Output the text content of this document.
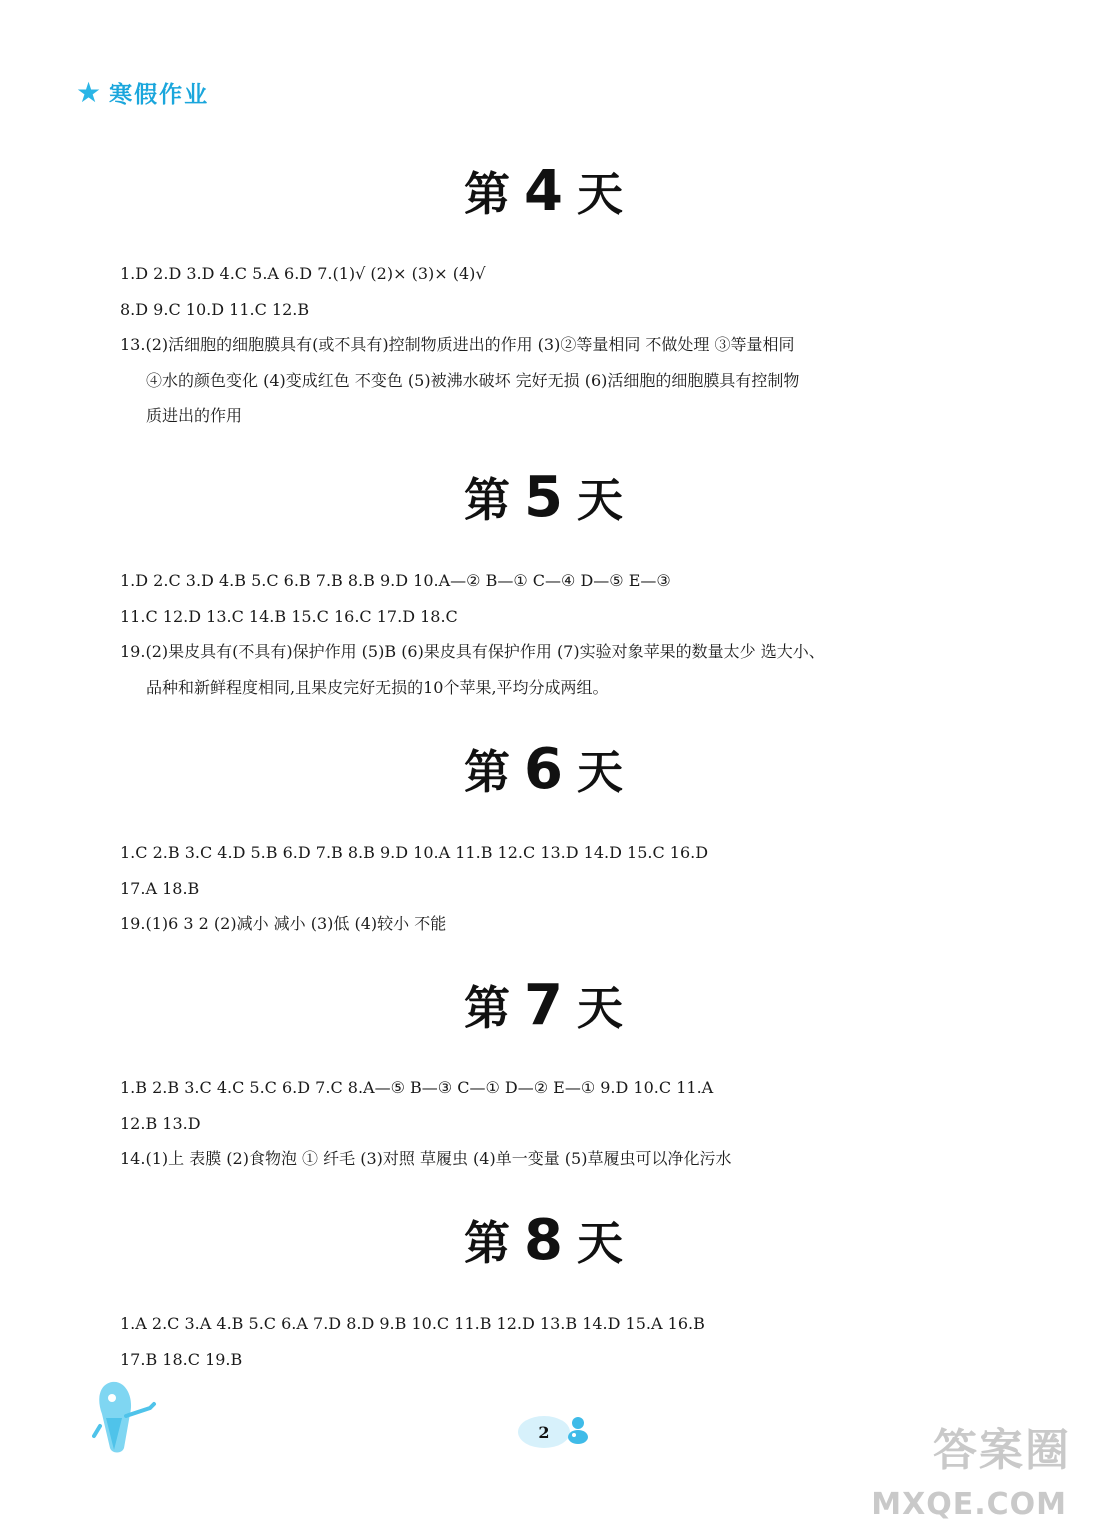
★ 寒假作业
第4天
1.D 2.D 3.D 4.C 5.A 6.D 7.(1)√ (2)× (3)× (4)√
8.D 9.C 10.D 11.C 12.B
13.(2)活细胞的细胞膜具有(或不具有)控制物质进出的作用 (3)②等量相同 不做处理 ③等量相同
④水的颜色变化 (4)变成红色 不变色 (5)被沸水破坏 完好无损 (6)活细胞的细胞膜具有控制物
质进出的作用
第5天
1.D 2.C 3.D 4.B 5.C 6.B 7.B 8.B 9.D 10.A—② B—① C—④ D—⑤ E—③
11.C 12.D 13.C 14.B 15.C 16.C 17.D 18.C
19.(2)果皮具有(不具有)保护作用 (5)B (6)果皮具有保护作用 (7)实验对象苹果的数量太少 选大小、
品种和新鲜程度相同,且果皮完好无损的10个苹果,平均分成两组。
第6天
1.C 2.B 3.C 4.D 5.B 6.D 7.B 8.B 9.D 10.A 11.B 12.C 13.D 14.D 15.C 16.D
17.A 18.B
19.(1)6 3 2 (2)减小 减小 (3)低 (4)较小 不能
第7天
1.B 2.B 3.C 4.C 5.C 6.D 7.C 8.A—⑤ B—③ C—① D—② E—① 9.D 10.C 11.A
12.B 13.D
14.(1)上 表膜 (2)食物泡 ① 纤毛 (3)对照 草履虫 (4)单一变量 (5)草履虫可以净化污水
第8天
1.A 2.C 3.A 4.B 5.C 6.A 7.D 8.D 9.B 10.C 11.B 12.D 13.B 14.D 15.A 16.B
17.B 18.C 19.B
2	答案圈
MXQE.COM
